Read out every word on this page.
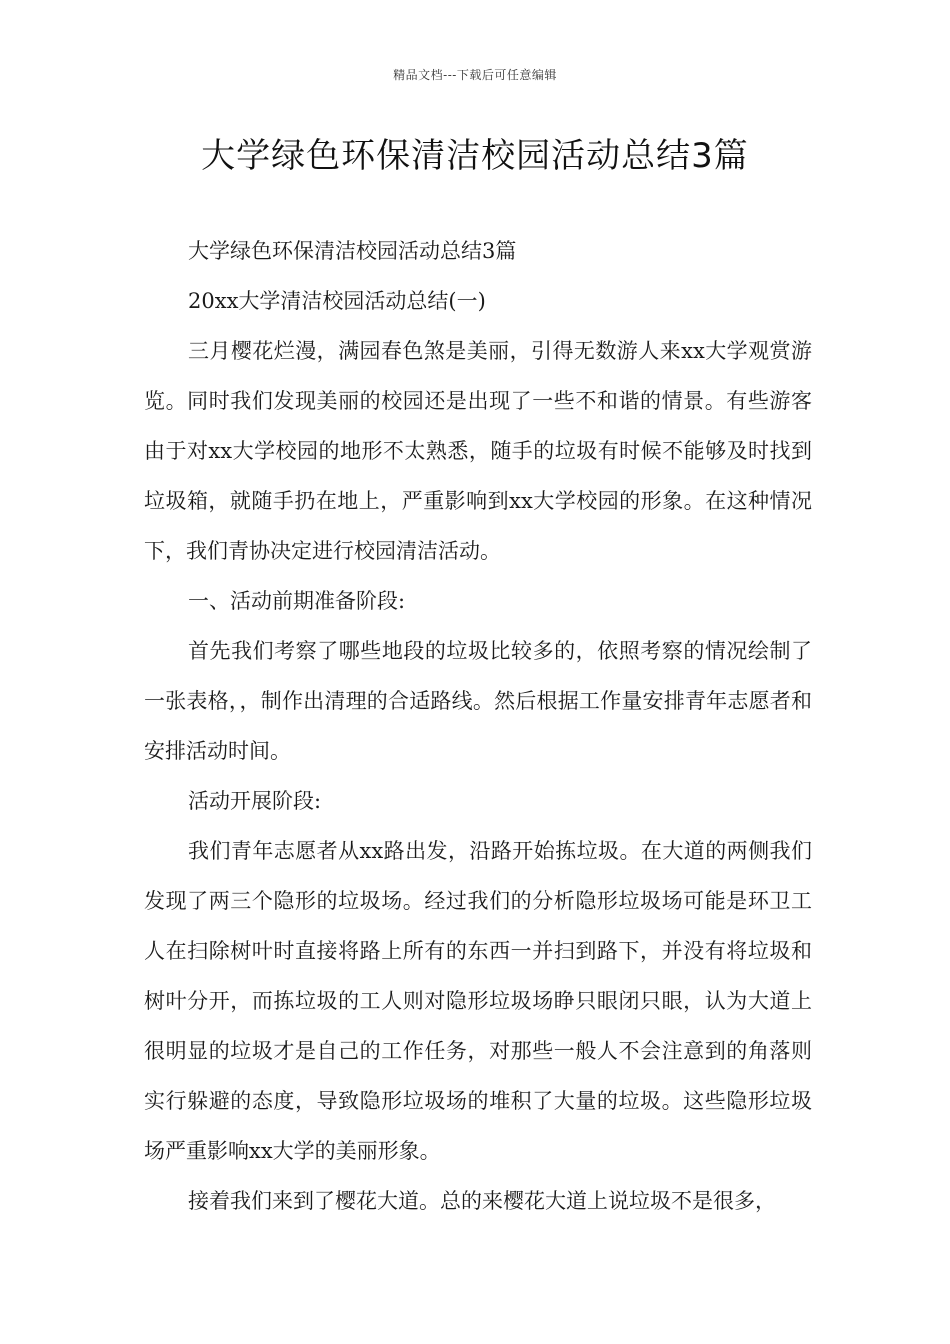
精品文档---下载后可任意编辑
大学绿色环保清洁校园活动总结3篇

大学绿色环保清洁校园活动总结3篇

20xx大学清洁校园活动总结(一)

三月樱花烂漫，满园春色煞是美丽，引得无数游人来xx大学观赏游览。同时我们发现美丽的校园还是出现了一些不和谐的情景。有些游客由于对xx大学校园的地形不太熟悉，随手的垃圾有时候不能够及时找到垃圾箱，就随手扔在地上，严重影响到xx大学校园的形象。在这种情况下，我们青协决定进行校园清洁活动。

一、活动前期准备阶段:

首先我们考察了哪些地段的垃圾比较多的，依照考察的情况绘制了一张表格，，制作出清理的合适路线。然后根据工作量安排青年志愿者和安排活动时间。

活动开展阶段:

我们青年志愿者从xx路出发，沿路开始拣垃圾。在大道的两侧我们发现了两三个隐形的垃圾场。经过我们的分析隐形垃圾场可能是环卫工人在扫除树叶时直接将路上所有的东西一并扫到路下，并没有将垃圾和树叶分开，而拣垃圾的工人则对隐形垃圾场睁只眼闭只眼，认为大道上很明显的垃圾才是自己的工作任务，对那些一般人不会注意到的角落则实行躲避的态度，导致隐形垃圾场的堆积了大量的垃圾。这些隐形垃圾场严重影响xx大学的美丽形象。

接着我们来到了樱花大道。总的来樱花大道上说垃圾不是很多，
